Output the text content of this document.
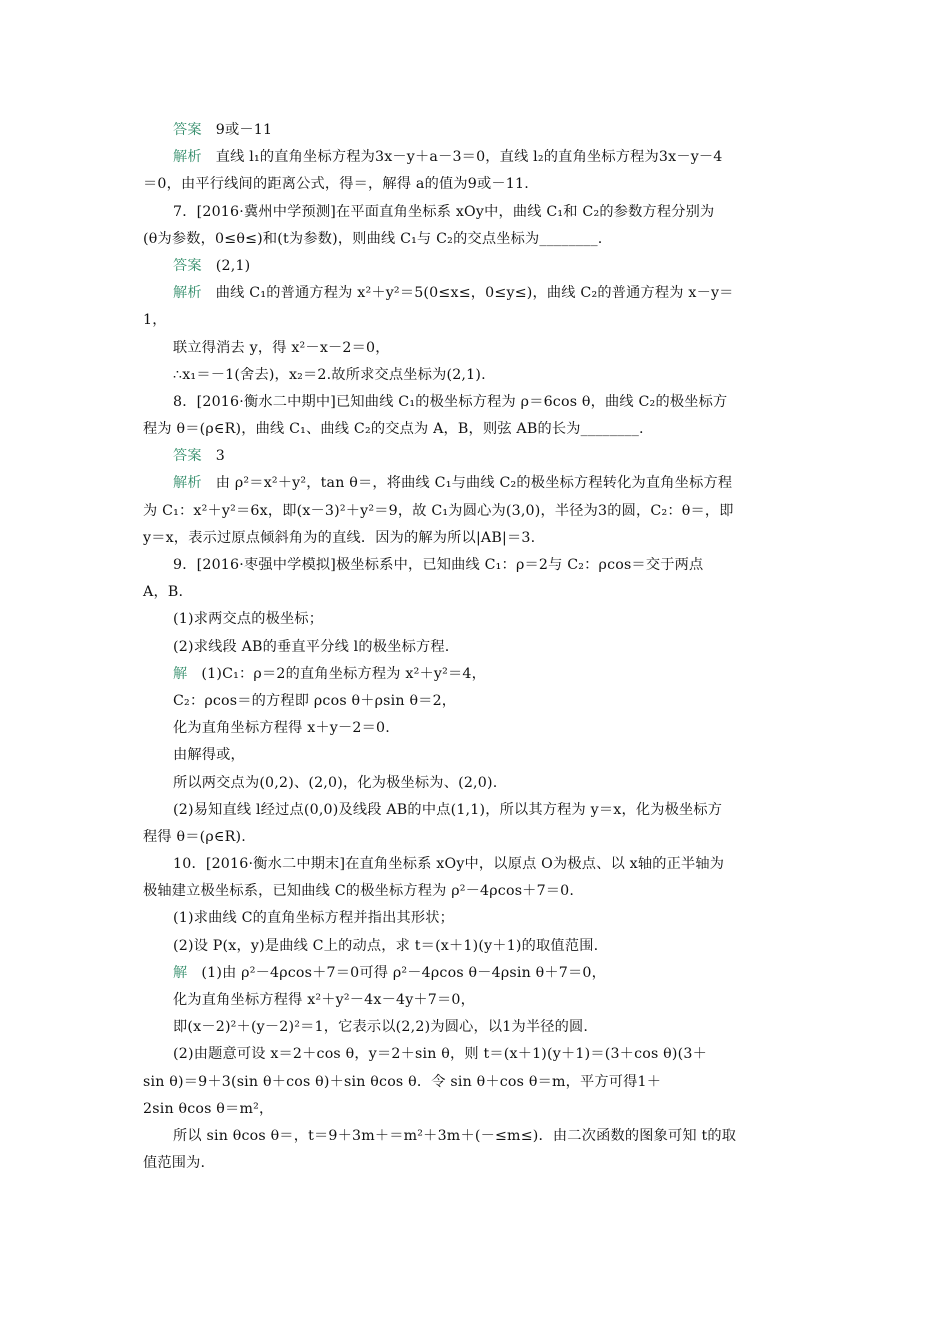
答案 9或－11
解析 直线 l₁的直角坐标方程为3x－y＋a－3＝0，直线 l₂的直角坐标方程为3x－y－4
＝0，由平行线间的距离公式，得＝，解得 a的值为9或－11.
7．[2016·冀州中学预测]在平面直角坐标系 xOy中，曲线 C₁和 C₂的参数方程分别为
(θ为参数，0≤θ≤)和(t为参数)，则曲线 C₁与 C₂的交点坐标为________.
答案 (2,1)
解析 曲线 C₁的普通方程为 x²＋y²＝5(0≤x≤，0≤y≤)，曲线 C₂的普通方程为 x－y＝
1，
联立得消去 y，得 x²－x－2＝0，
∴x₁＝－1(舍去)，x₂＝2.故所求交点坐标为(2,1).
8．[2016·衡水二中期中]已知曲线 C₁的极坐标方程为 ρ＝6cos θ，曲线 C₂的极坐标方
程为 θ＝(ρ∈R)，曲线 C₁、曲线 C₂的交点为 A，B，则弦 AB的长为________.
答案 3
解析 由 ρ²＝x²＋y²，tan θ＝，将曲线 C₁与曲线 C₂的极坐标方程转化为直角坐标方程
为 C₁：x²＋y²＝6x，即(x－3)²＋y²＝9，故 C₁为圆心为(3,0)，半径为3的圆，C₂：θ＝，即
y＝x，表示过原点倾斜角为的直线．因为的解为所以|AB|＝3.
9．[2016·枣强中学模拟]极坐标系中，已知曲线 C₁：ρ＝2与 C₂：ρcos＝交于两点
A，B.
(1)求两交点的极坐标；
(2)求线段 AB的垂直平分线 l的极坐标方程.
解 (1)C₁：ρ＝2的直角坐标方程为 x²＋y²＝4，
C₂：ρcos＝的方程即 ρcos θ＋ρsin θ＝2，
化为直角坐标方程得 x＋y－2＝0.
由解得或，
所以两交点为(0,2)、(2,0)，化为极坐标为、(2,0).
(2)易知直线 l经过点(0,0)及线段 AB的中点(1,1)，所以其方程为 y＝x，化为极坐标方
程得 θ＝(ρ∈R).
10．[2016·衡水二中期末]在直角坐标系 xOy中，以原点 O为极点、以 x轴的正半轴为
极轴建立极坐标系，已知曲线 C的极坐标方程为 ρ²－4ρcos＋7＝0.
(1)求曲线 C的直角坐标方程并指出其形状；
(2)设 P(x，y)是曲线 C上的动点，求 t＝(x＋1)(y＋1)的取值范围.
解 (1)由 ρ²－4ρcos＋7＝0可得 ρ²－4ρcos θ－4ρsin θ＋7＝0，
化为直角坐标方程得 x²＋y²－4x－4y＋7＝0，
即(x－2)²＋(y－2)²＝1，它表示以(2,2)为圆心，以1为半径的圆.
(2)由题意可设 x＝2＋cos θ，y＝2＋sin θ，则 t＝(x＋1)(y＋1)＝(3＋cos θ)(3＋
sin θ)＝9＋3(sin θ＋cos θ)＋sin θcos θ．令 sin θ＋cos θ＝m，平方可得1＋
2sin θcos θ＝m²，
所以 sin θcos θ＝，t＝9＋3m＋＝m²＋3m＋(－≤m≤)．由二次函数的图象可知 t的取
值范围为.
